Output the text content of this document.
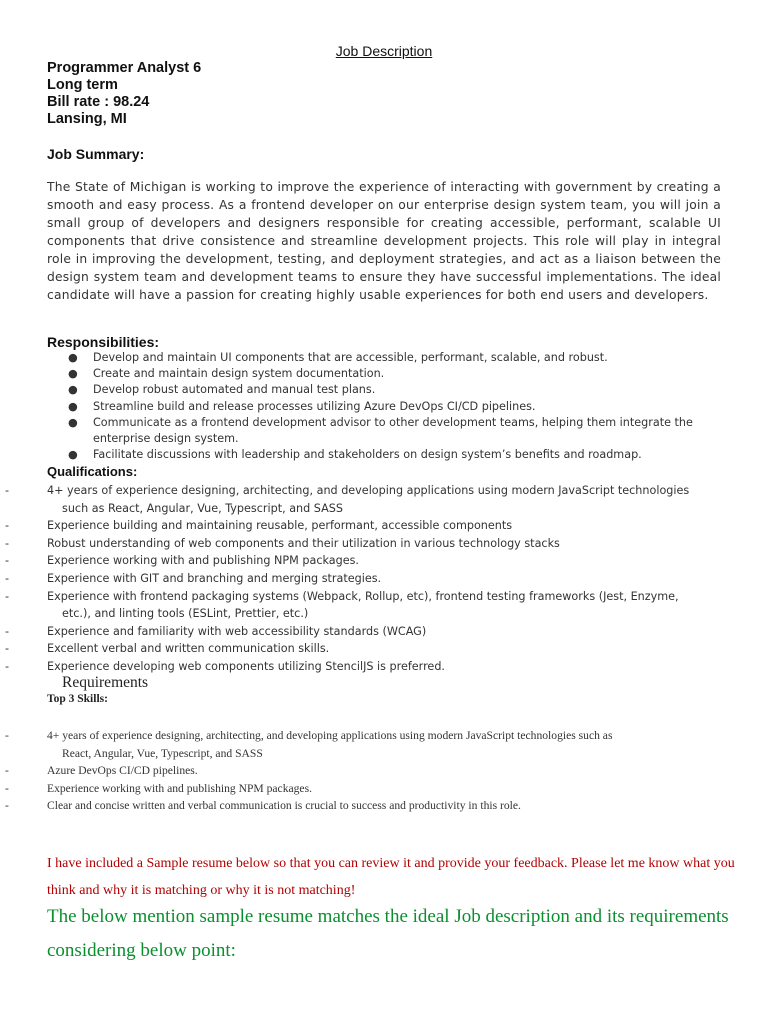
Job Description
Programmer Analyst 6
Long term
Bill rate : 98.24
Lansing, MI
Job Summary:
The State of Michigan is working to improve the experience of interacting with government by creating a smooth and easy process. As a frontend developer on our enterprise design system team, you will join a small group of developers and designers responsible for creating accessible, performant, scalable UI components that drive consistence and streamline development projects. This role will play in integral role in improving the development, testing, and deployment strategies, and act as a liaison between the design system team and development teams to ensure they have successful implementations. The ideal candidate will have a passion for creating highly usable experiences for both end users and developers.
Responsibilities:
● Develop and maintain UI components that are accessible, performant, scalable, and robust.
● Create and maintain design system documentation.
● Develop robust automated and manual test plans.
● Streamline build and release processes utilizing Azure DevOps CI/CD pipelines.
● Communicate as a frontend development advisor to other development teams, helping them integrate the enterprise design system.
● Facilitate discussions with leadership and stakeholders on design system’s benefits and roadmap.
Qualifications:
-	4+ years of experience designing, architecting, and developing applications using modern JavaScript technologies
such as React, Angular, Vue, Typescript, and SASS
-	Experience building and maintaining reusable, performant, accessible components
-	Robust understanding of web components and their utilization in various technology stacks
-	Experience working with and publishing NPM packages.
-	Experience with GIT and branching and merging strategies.
-	Experience with frontend packaging systems (Webpack, Rollup, etc), frontend testing frameworks (Jest, Enzyme,
etc.), and linting tools (ESLint, Prettier, etc.)
-	Experience and familiarity with web accessibility standards (WCAG)
-	Excellent verbal and written communication skills.
-	Experience developing web components utilizing StencilJS is preferred.
Requirements
Top 3 Skills:
-	4+ years of experience designing, architecting, and developing applications using modern JavaScript technologies such as
React, Angular, Vue, Typescript, and SASS
-	Azure DevOps CI/CD pipelines.
-	Experience working with and publishing NPM packages.
-	Clear and concise written and verbal communication is crucial to success and productivity in this role.
I have included a Sample resume below so that you can review it and provide your feedback. Please let me know what you think and why it is matching or why it is not matching!
The below mention sample resume matches the ideal Job description and its requirements considering below point:
